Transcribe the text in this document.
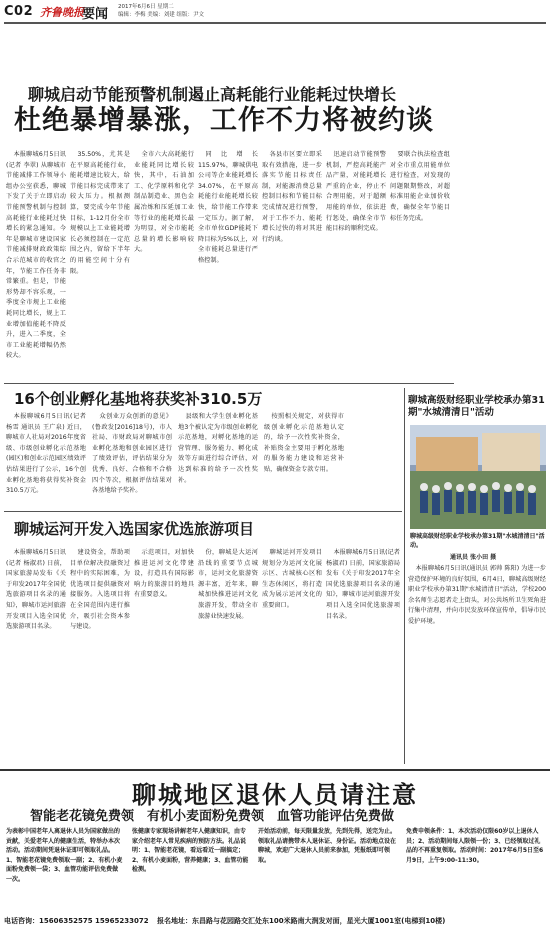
C02 齐鲁晚报
要闻 2017年6月6日 星期二
编辑：李梅 美编：刘建 组版：尹文
聊城启动节能预警机制遏止高耗能行业能耗过快增长
杜绝暴增暴涨，工作不力将被约谈

本报聊城6月5日讯(记者 李翠) 从聊城市节能减排工作领导小组办公室获悉，聊城下发了关于立即启动节能预警机制与控制高耗能行业能耗过快增长的紧急通知。今年是聊城市建设国家节能减排财政政策综合示范城市的收官之年，节能工作任务非常繁重。但是，节能形势却不容乐观，一季度全市规上工业能耗同比增长，规上工业增加值能耗不降反升，进入二季度，全市工业能耗增幅仍然较大。

35.50%，尤其是在平原高耗能行业，能耗增速比较大，给节能目标完成带来了较大压力。根据测算，要完成今年节能目标，1-12月份全市规模以上工业能耗增长必须控制在一定范围之内，留给下半年的用能空间十分有限。

全市六大高耗能行业能耗同比增长较快，其中，石油加工、化学原料和化学制品制造业、黑色金属冶炼和压延加工业等行业的能耗增长最为明显，对全市能耗总量的增长影响较大。

同比增长115.97%，聊城供电公司等企业能耗增长34.07%，在平原高耗能行业能耗增长较快，给节能工作带来一定压力。据了解，全市单位GDP能耗下降目标为5%以上，对全市能耗总量进行严格控制。

各县市区要立即采取有效措施，进一步落实节能目标责任制，对能源消费总量控制目标和节能目标完成情况进行预警，对于工作不力、能耗增长过快的将对其进行约谈。

迅速启动节能预警机制，严控高耗能产品产量，对能耗增长严重的企业，停止不合理用能，对于超额用能的单位，依法进行惩处，确保全市节能目标的顺利完成。

要联合执法检查组对全市重点用能单位进行检查，对发现的问题限期整改，对超标准用能企业加价收费，确保全年节能目标任务完成。

16个创业孵化基地将获奖补310.5万

本报聊城6月5日讯(记者 杨雪 通讯员 王广泉) 近日，聊城市人社局对2016年度省级、市级创业孵化示范基地(园区)和创业示范园区绩效评估结果进行了公示，16个创业孵化基地将获得奖补资金310.5万元。

众创业万众创新的意见》(鲁政发[2016]18号)，市人社局、市财政局对聊城市创业孵化基地和创业园区进行了绩效评估，评估结果分为优秀、良好、合格和不合格四个等次，根据评估结果对各基地给予奖补。

县级和大学生创业孵化基地3个被认定为市级创业孵化示范基地，对孵化基地的运营管理、服务能力、孵化成效等方面进行综合评估，对达到标准的给予一次性奖补。

按照相关规定，对获得市级创业孵化示范基地认定的，给予一次性奖补资金，补贴资金主要用于孵化基地的服务能力建设和运营补贴，确保资金专款专用。

聊城高级财经职业学校承办第31期"水城清清日"活动
聊城高级财经职业学校承办第31期"水城清清日"活动。
通讯员 张小田 摄

本报聊城6月5日讯(通讯员 郭帅 陈阳) 为进一步营造保护环境的良好氛围，6月4日，聊城高级财经职业学校承办第31期"水城清清日"活动，学校200余名师生志愿者走上街头，对公共场所卫生死角进行集中清理，并向市民发放环保宣传单，倡导市民爱护环境。

聊城运河开发入选国家优选旅游项目

本报聊城6月5日讯(记者 杨淑君) 日前，国家旅游局发布《关于印发2017年全国优选旅游项目名录的通知》，聊城市运河旅游开发项目入选全国优选旅游项目名录。

建设资金，帮助项目单位解决投融资过程中的实际困难，为优选项目提供融资对接服务。入选项目将在全国范围内进行推介，吸引社会资本参与建设。

示范项目，对加快推进运河文化带建设，打造具有国际影响力的旅游目的地具有重要意义。

份，聊城是大运河沿线的重要节点城市，运河文化旅游资源丰富，近年来，聊城加快推进运河文化旅游开发，带动全市旅游业快速发展。

聊城运河开发项目规划分为运河文化展示区、古城核心区和生态休闲区，将打造成为展示运河文化的重要窗口。

本报聊城6月5日讯(记者 杨淑君) 日前，国家旅游局发布《关于印发2017年全国优选旅游项目名录的通知》，聊城市运河旅游开发项目入选全国优选旅游项目名录。

聊城地区退休人员请注意
智能老花镜免费领　有机小麦面粉免费领　血管功能评估免费做
为表彰中国老年人离退休人员为国家做出的贡献，关爱老年人的健康生活，特举办本次活动。活动期间凭退休证即可领取礼品。1、智能老花镜免费领取一副；2、有机小麦面粉免费领一袋；3、血管功能评估免费做一次。
张健康专家现场讲解老年人健康知识，由专家介绍老年人常见疾病的预防方法。礼品说明：1、智能老花镜，看远看近一副搞定；2、有机小麦面粉，营养健康；3、血管功能检测。
开始活动前，每天限量发放，先到先得，送完为止。领取礼品请携带本人退休证、身份证。活动地点设在聊城，欢迎广大退休人员前来参加，凭报纸即可领取。
免费申领条件：1、本次活动仅限60岁以上退休人员；2、活动期间每人限领一份；3、已经领取过礼品的不再重复领取。活动时间：2017年6月5日至6月9日，上午9:00-11:30。
电话咨询：15606352575 15965233072 报名地址：东昌路与花园路交汇处东100米路南大润发对面，星光大厦1001室(电梯到10楼)
